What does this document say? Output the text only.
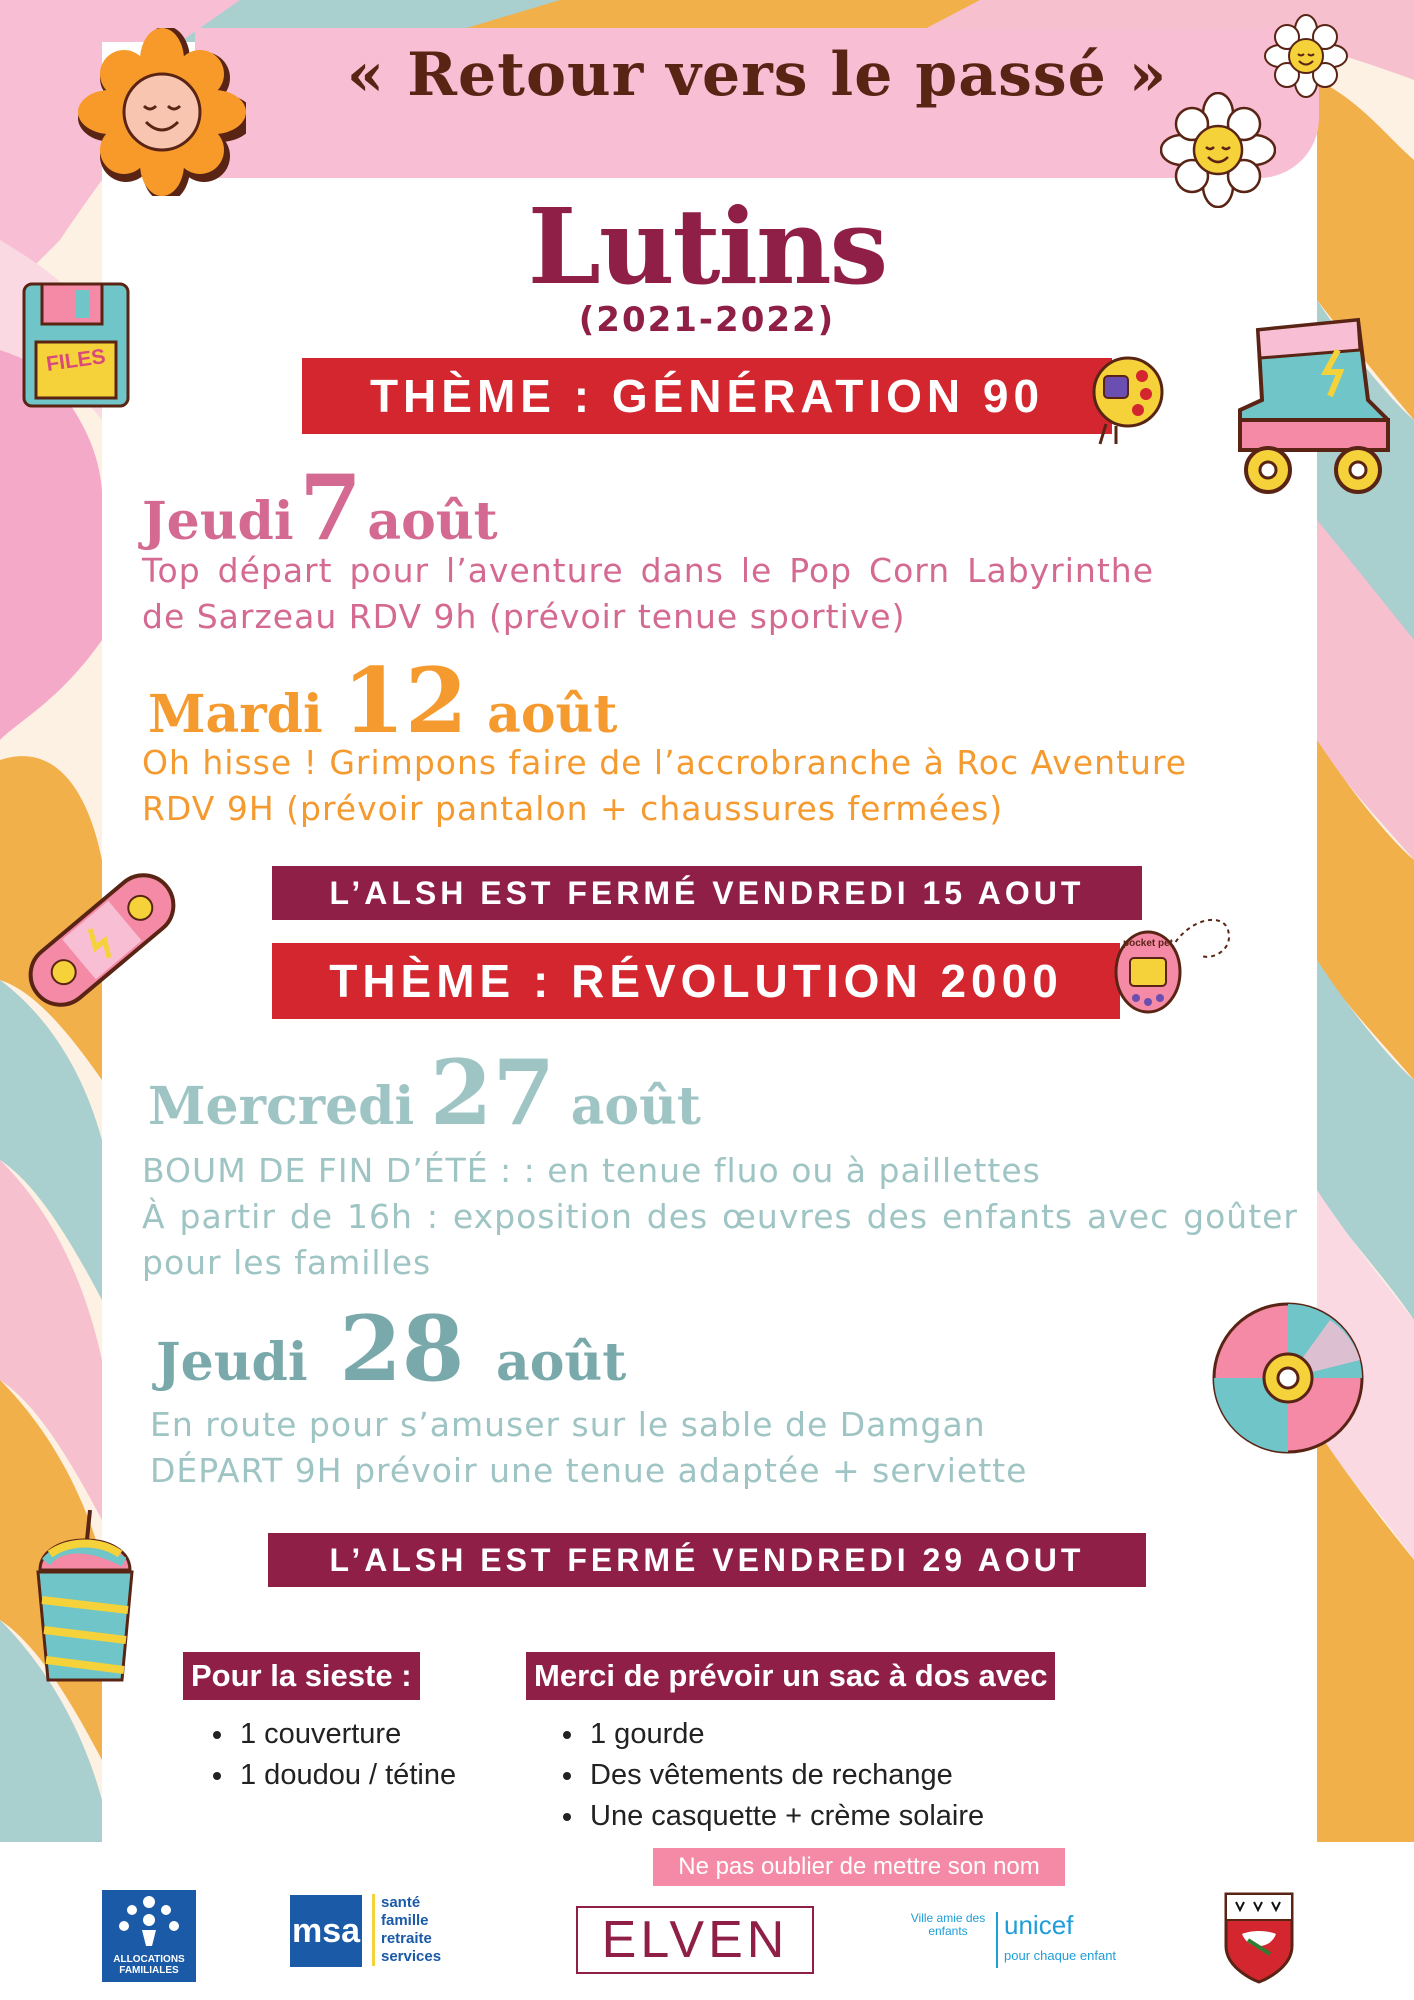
« Retour vers le passé »
Lutins
(2021-2022)
FILES
THÈME : GÉNÉRATION 90
Jeudi 7 août
Top départ pour l’aventure dans le Pop Corn Labyrinthe de Sarzeau RDV 9h (prévoir tenue sportive)
Mardi 12 août
Oh hisse ! Grimpons faire de l’accrobranche à Roc Aventure
RDV 9H (prévoir pantalon + chaussures fermées)
L’ALSH EST FERMÉ VENDREDI 15 AOUT
THÈME : RÉVOLUTION 2000
pocket pet
Mercredi 27 août
BOUM DE FIN D’ÉTÉ : : en tenue fluo ou à paillettes
À partir de 16h : exposition des œuvres des enfants avec goûter pour les familles
Jeudi 28 août
En route pour s’amuser sur le sable de Damgan
DÉPART 9H prévoir une tenue adaptée + serviette
L’ALSH EST FERMÉ VENDREDI 29 AOUT
Pour la sieste :
• 1 couverture
• 1 doudou / tétine
Merci de prévoir un sac à dos avec
• 1 gourde
• Des vêtements de rechange
• Une casquette + crème solaire
Ne pas oublier de mettre son nom
ALLOCATIONS FAMILIALES
msa
santé
famille
retraite
services	ELVEN	Ville amie des enfants	unicef
pour chaque enfant
